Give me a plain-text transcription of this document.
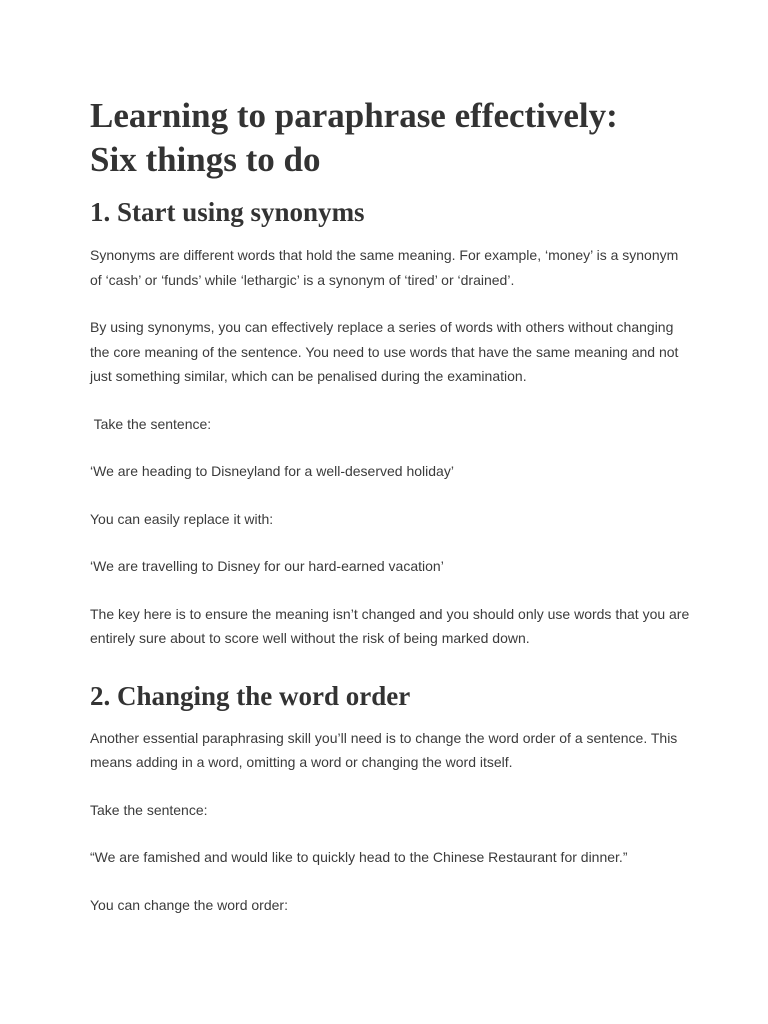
Learning to paraphrase effectively:
Six things to do
1. Start using synonyms

Synonyms are different words that hold the same meaning. For example, ‘money’ is a synonym of ‘cash’ or ‘funds’ while ‘lethargic’ is a synonym of ‘tired’ or ‘drained’.

By using synonyms, you can effectively replace a series of words with others without changing the core meaning of the sentence. You need to use words that have the same meaning and not just something similar, which can be penalised during the examination.

Take the sentence:

‘We are heading to Disneyland for a well-deserved holiday’

You can easily replace it with:

‘We are travelling to Disney for our hard-earned vacation’

The key here is to ensure the meaning isn’t changed and you should only use words that you are entirely sure about to score well without the risk of being marked down.

2. Changing the word order

Another essential paraphrasing skill you’ll need is to change the word order of a sentence. This means adding in a word, omitting a word or changing the word itself.

Take the sentence:

“We are famished and would like to quickly head to the Chinese Restaurant for dinner.”

You can change the word order:
